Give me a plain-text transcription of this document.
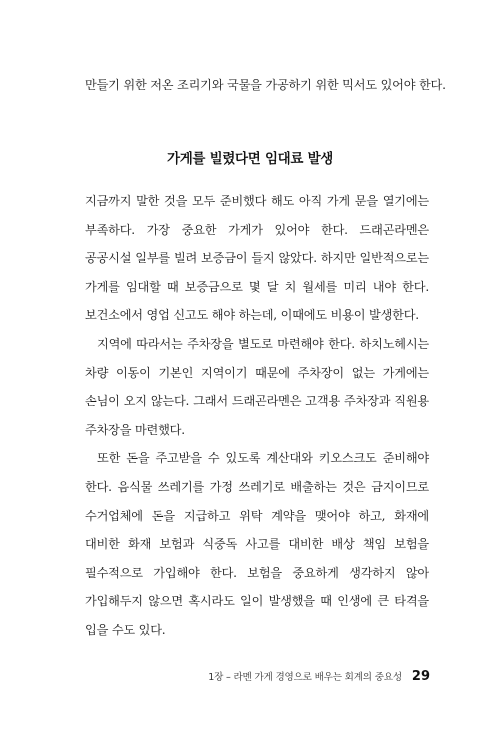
만들기 위한 저온 조리기와 국물을 가공하기 위한 믹서도 있어야 한다.
가게를 빌렸다면 임대료 발생

지금까지 말한 것을 모두 준비했다 해도 아직 가게 문을 열기에는 부족하다. 가장 중요한 가게가 있어야 한다. 드래곤라멘은 공공시설 일부를 빌려 보증금이 들지 않았다. 하지만 일반적으로는 가게를 임대할 때 보증금으로 몇 달 치 월세를 미리 내야 한다. 보건소에서 영업 신고도 해야 하는데, 이때에도 비용이 발생한다.

지역에 따라서는 주차장을 별도로 마련해야 한다. 하치노헤시는 차량 이동이 기본인 지역이기 때문에 주차장이 없는 가게에는 손님이 오지 않는다. 그래서 드래곤라멘은 고객용 주차장과 직원용 주차장을 마련했다.

또한 돈을 주고받을 수 있도록 계산대와 키오스크도 준비해야 한다. 음식물 쓰레기를 가정 쓰레기로 배출하는 것은 금지이므로 수거업체에 돈을 지급하고 위탁 계약을 맺어야 하고, 화재에 대비한 화재 보험과 식중독 사고를 대비한 배상 책임 보험을 필수적으로 가입해야 한다. 보험을 중요하게 생각하지 않아 가입해두지 않으면 혹시라도 일이 발생했을 때 인생에 큰 타격을 입을 수도 있다.

1장 – 라멘 가게 경영으로 배우는 회계의 중요성 29
